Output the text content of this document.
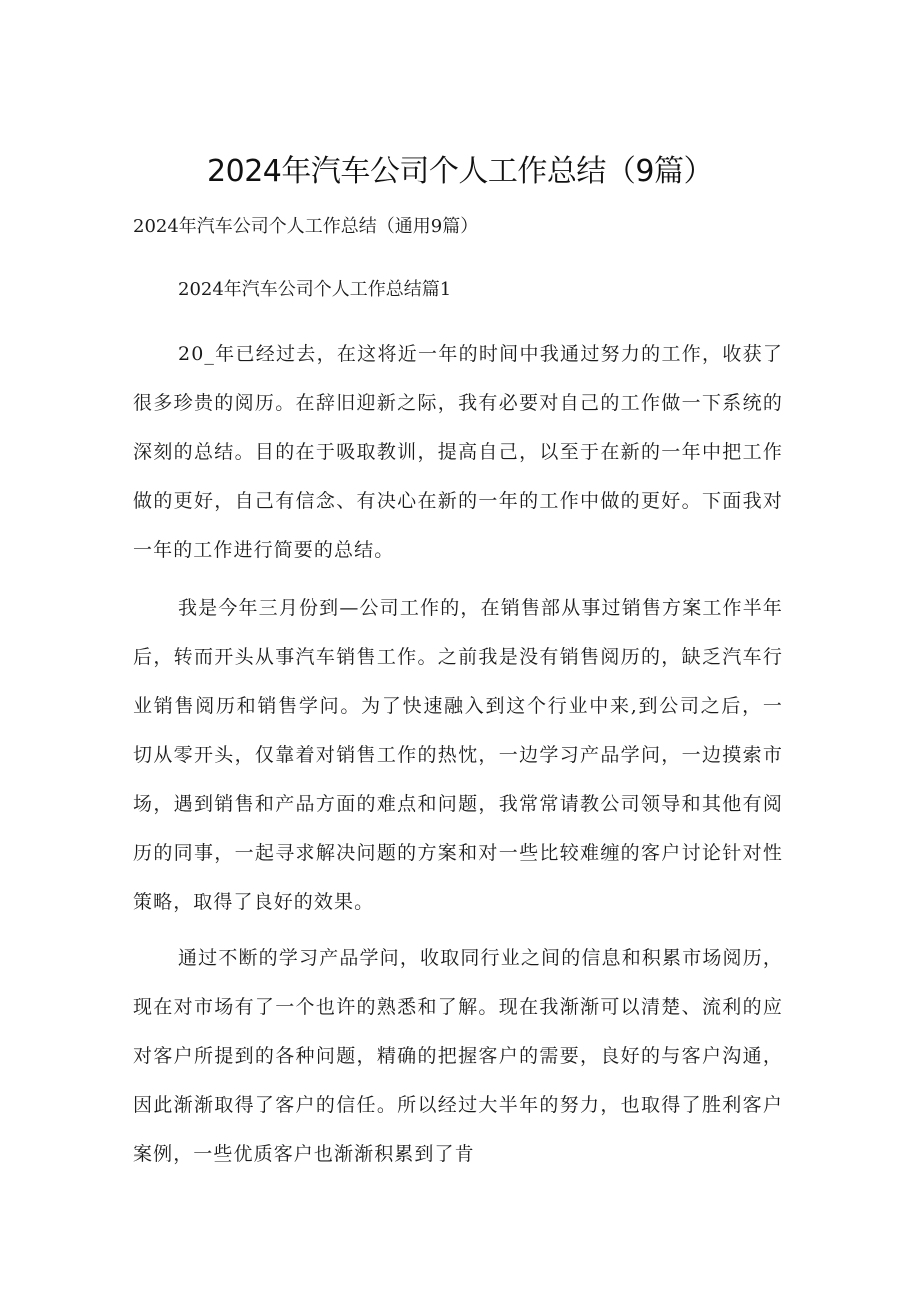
2024年汽车公司个人工作总结（9篇）
2024年汽车公司个人工作总结（通用9篇）
2024年汽车公司个人工作总结篇1

20_年已经过去，在这将近一年的时间中我通过努力的工作，收获了很多珍贵的阅历。在辞旧迎新之际，我有必要对自己的工作做一下系统的深刻的总结。目的在于吸取教训，提高自己，以至于在新的一年中把工作做的更好，自己有信念、有决心在新的一年的工作中做的更好。下面我对一年的工作进行简要的总结。

我是今年三月份到—公司工作的，在销售部从事过销售方案工作半年后，转而开头从事汽车销售工作。之前我是没有销售阅历的，缺乏汽车行业销售阅历和销售学问。为了快速融入到这个行业中来,到公司之后，一切从零开头，仅靠着对销售工作的热忱，一边学习产品学问，一边摸索市场，遇到销售和产品方面的难点和问题，我常常请教公司领导和其他有阅历的同事，一起寻求解决问题的方案和对一些比较难缠的客户讨论针对性策略，取得了良好的效果。

通过不断的学习产品学问，收取同行业之间的信息和积累市场阅历，现在对市场有了一个也许的熟悉和了解。现在我渐渐可以清楚、流利的应对客户所提到的各种问题，精确的把握客户的需要，良好的与客户沟通，因此渐渐取得了客户的信任。所以经过大半年的努力，也取得了胜利客户案例，一些优质客户也渐渐积累到了肯
